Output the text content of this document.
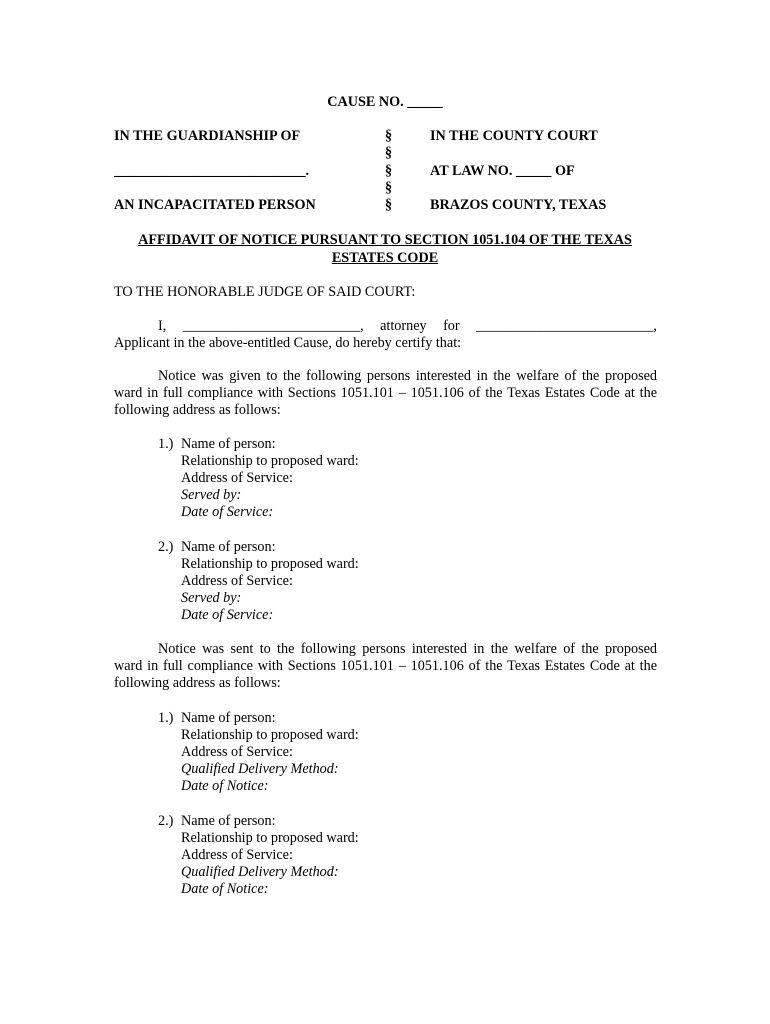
CAUSE NO. _____
IN THE GUARDIANSHIP OF	§	IN THE COUNTY COURT
§
___________________________.	§	AT LAW NO. _____ OF
§
AN INCAPACITATED PERSON	§	BRAZOS COUNTY, TEXAS
AFFIDAVIT OF NOTICE PURSUANT TO SECTION 1051.104 OF THE TEXAS
ESTATES CODE
TO THE HONORABLE JUDGE OF SAID COURT:
I, _________________________, attorney for _________________________,
Applicant in the above-entitled Cause, do hereby certify that:
Notice was given to the following persons interested in the welfare of the proposed
ward in full compliance with Sections 1051.101 – 1051.106 of the Texas Estates Code at the
following address as follows:
1.) Name of person:
Relationship to proposed ward:
Address of Service:
Served by:
Date of Service:
2.) Name of person:
Relationship to proposed ward:
Address of Service:
Served by:
Date of Service:
Notice was sent to the following persons interested in the welfare of the proposed
ward in full compliance with Sections 1051.101 – 1051.106 of the Texas Estates Code at the
following address as follows:
1.) Name of person:
Relationship to proposed ward:
Address of Service:
Qualified Delivery Method:
Date of Notice:
2.) Name of person:
Relationship to proposed ward:
Address of Service:
Qualified Delivery Method:
Date of Notice:
